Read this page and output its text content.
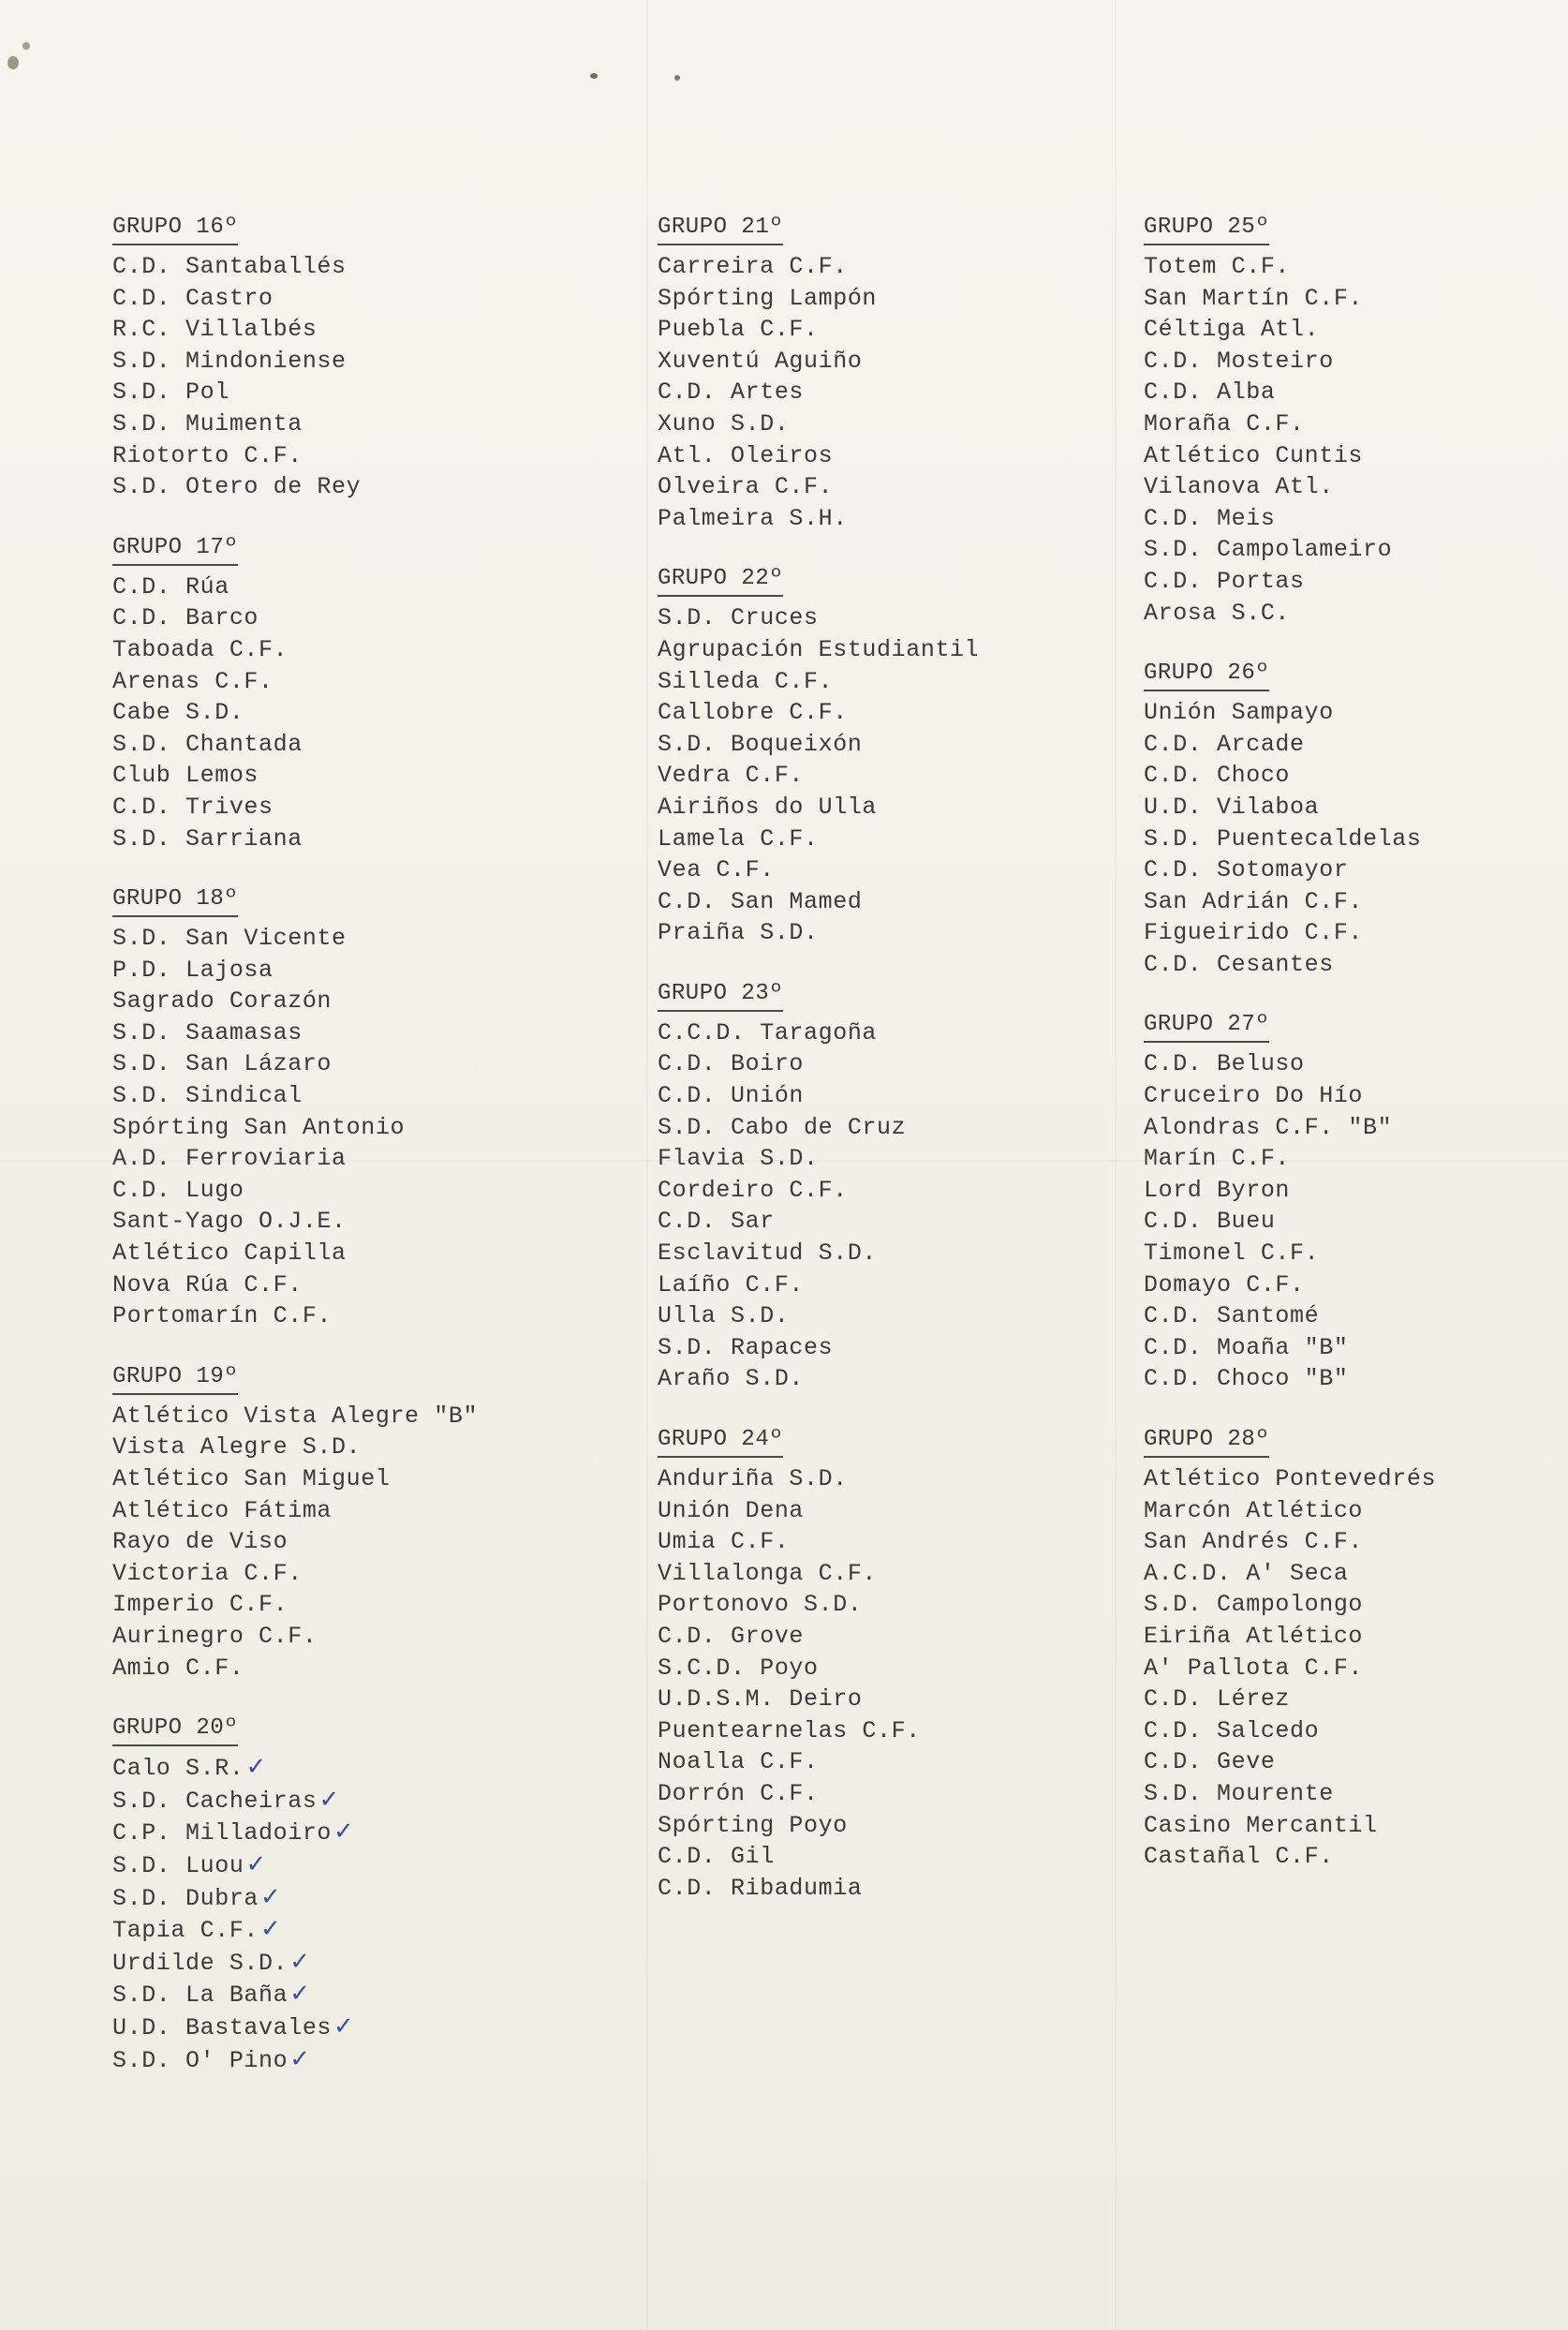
GRUPO 16º
C.D. Santaballés
C.D. Castro
R.C. Villalbés
S.D. Mindoniense
S.D. Pol
S.D. Muimenta
Riotorto C.F.
S.D. Otero de Rey
GRUPO 17º
C.D. Rúa
C.D. Barco
Taboada C.F.
Arenas C.F.
Cabe S.D.
S.D. Chantada
Club Lemos
C.D. Trives
S.D. Sarriana
GRUPO 18º
S.D. San Vicente
P.D. Lajosa
Sagrado Corazón
S.D. Saamasas
S.D. San Lázaro
S.D. Sindical
Spórting San Antonio
A.D. Ferroviaria
C.D. Lugo
Sant-Yago O.J.E.
Atlético Capilla
Nova Rúa C.F.
Portomarín C.F.
GRUPO 19º
Atlético Vista Alegre "B"
Vista Alegre S.D.
Atlético San Miguel
Atlético Fátima
Rayo de Viso
Victoria C.F.
Imperio C.F.
Aurinegro C.F.
Amio C.F.
GRUPO 20º
Calo S.R.✓
S.D. Cacheiras✓
C.P. Milladoiro✓
S.D. Luou✓
S.D. Dubra✓
Tapia C.F.✓
Urdilde S.D.✓
S.D. La Baña✓
U.D. Bastavales✓
S.D. O' Pino✓
GRUPO 21º
Carreira C.F.
Spórting Lampón
Puebla C.F.
Xuventú Aguiño
C.D. Artes
Xuno S.D.
Atl. Oleiros
Olveira C.F.
Palmeira S.H.
GRUPO 22º
S.D. Cruces
Agrupación Estudiantil
Silleda C.F.
Callobre C.F.
S.D. Boqueixón
Vedra C.F.
Airiños do Ulla
Lamela C.F.
Vea C.F.
C.D. San Mamed
Praiña S.D.
GRUPO 23º
C.C.D. Taragoña
C.D. Boiro
C.D. Unión
S.D. Cabo de Cruz
Flavia S.D.
Cordeiro C.F.
C.D. Sar
Esclavitud S.D.
Laíño C.F.
Ulla S.D.
S.D. Rapaces
Araño S.D.
GRUPO 24º
Anduriña S.D.
Unión Dena
Umia C.F.
Villalonga C.F.
Portonovo S.D.
C.D. Grove
S.C.D. Poyo
U.D.S.M. Deiro
Puentearnelas C.F.
Noalla C.F.
Dorrón C.F.
Spórting Poyo
C.D. Gil
C.D. Ribadumia
GRUPO 25º
Totem C.F.
San Martín C.F.
Céltiga Atl.
C.D. Mosteiro
C.D. Alba
Moraña C.F.
Atlético Cuntis
Vilanova Atl.
C.D. Meis
S.D. Campolameiro
C.D. Portas
Arosa S.C.
GRUPO 26º
Unión Sampayo
C.D. Arcade
C.D. Choco
U.D. Vilaboa
S.D. Puentecaldelas
C.D. Sotomayor
San Adrián C.F.
Figueirido C.F.
C.D. Cesantes
GRUPO 27º
C.D. Beluso
Cruceiro Do Hío
Alondras C.F. "B"
Marín C.F.
Lord Byron
C.D. Bueu
Timonel C.F.
Domayo C.F.
C.D. Santomé
C.D. Moaña "B"
C.D. Choco "B"
GRUPO 28º
Atlético Pontevedrés
Marcón Atlético
San Andrés C.F.
A.C.D. A' Seca
S.D. Campolongo
Eiriña Atlético
A' Pallota C.F.
C.D. Lérez
C.D. Salcedo
C.D. Geve
S.D. Mourente
Casino Mercantil
Castañal C.F.
